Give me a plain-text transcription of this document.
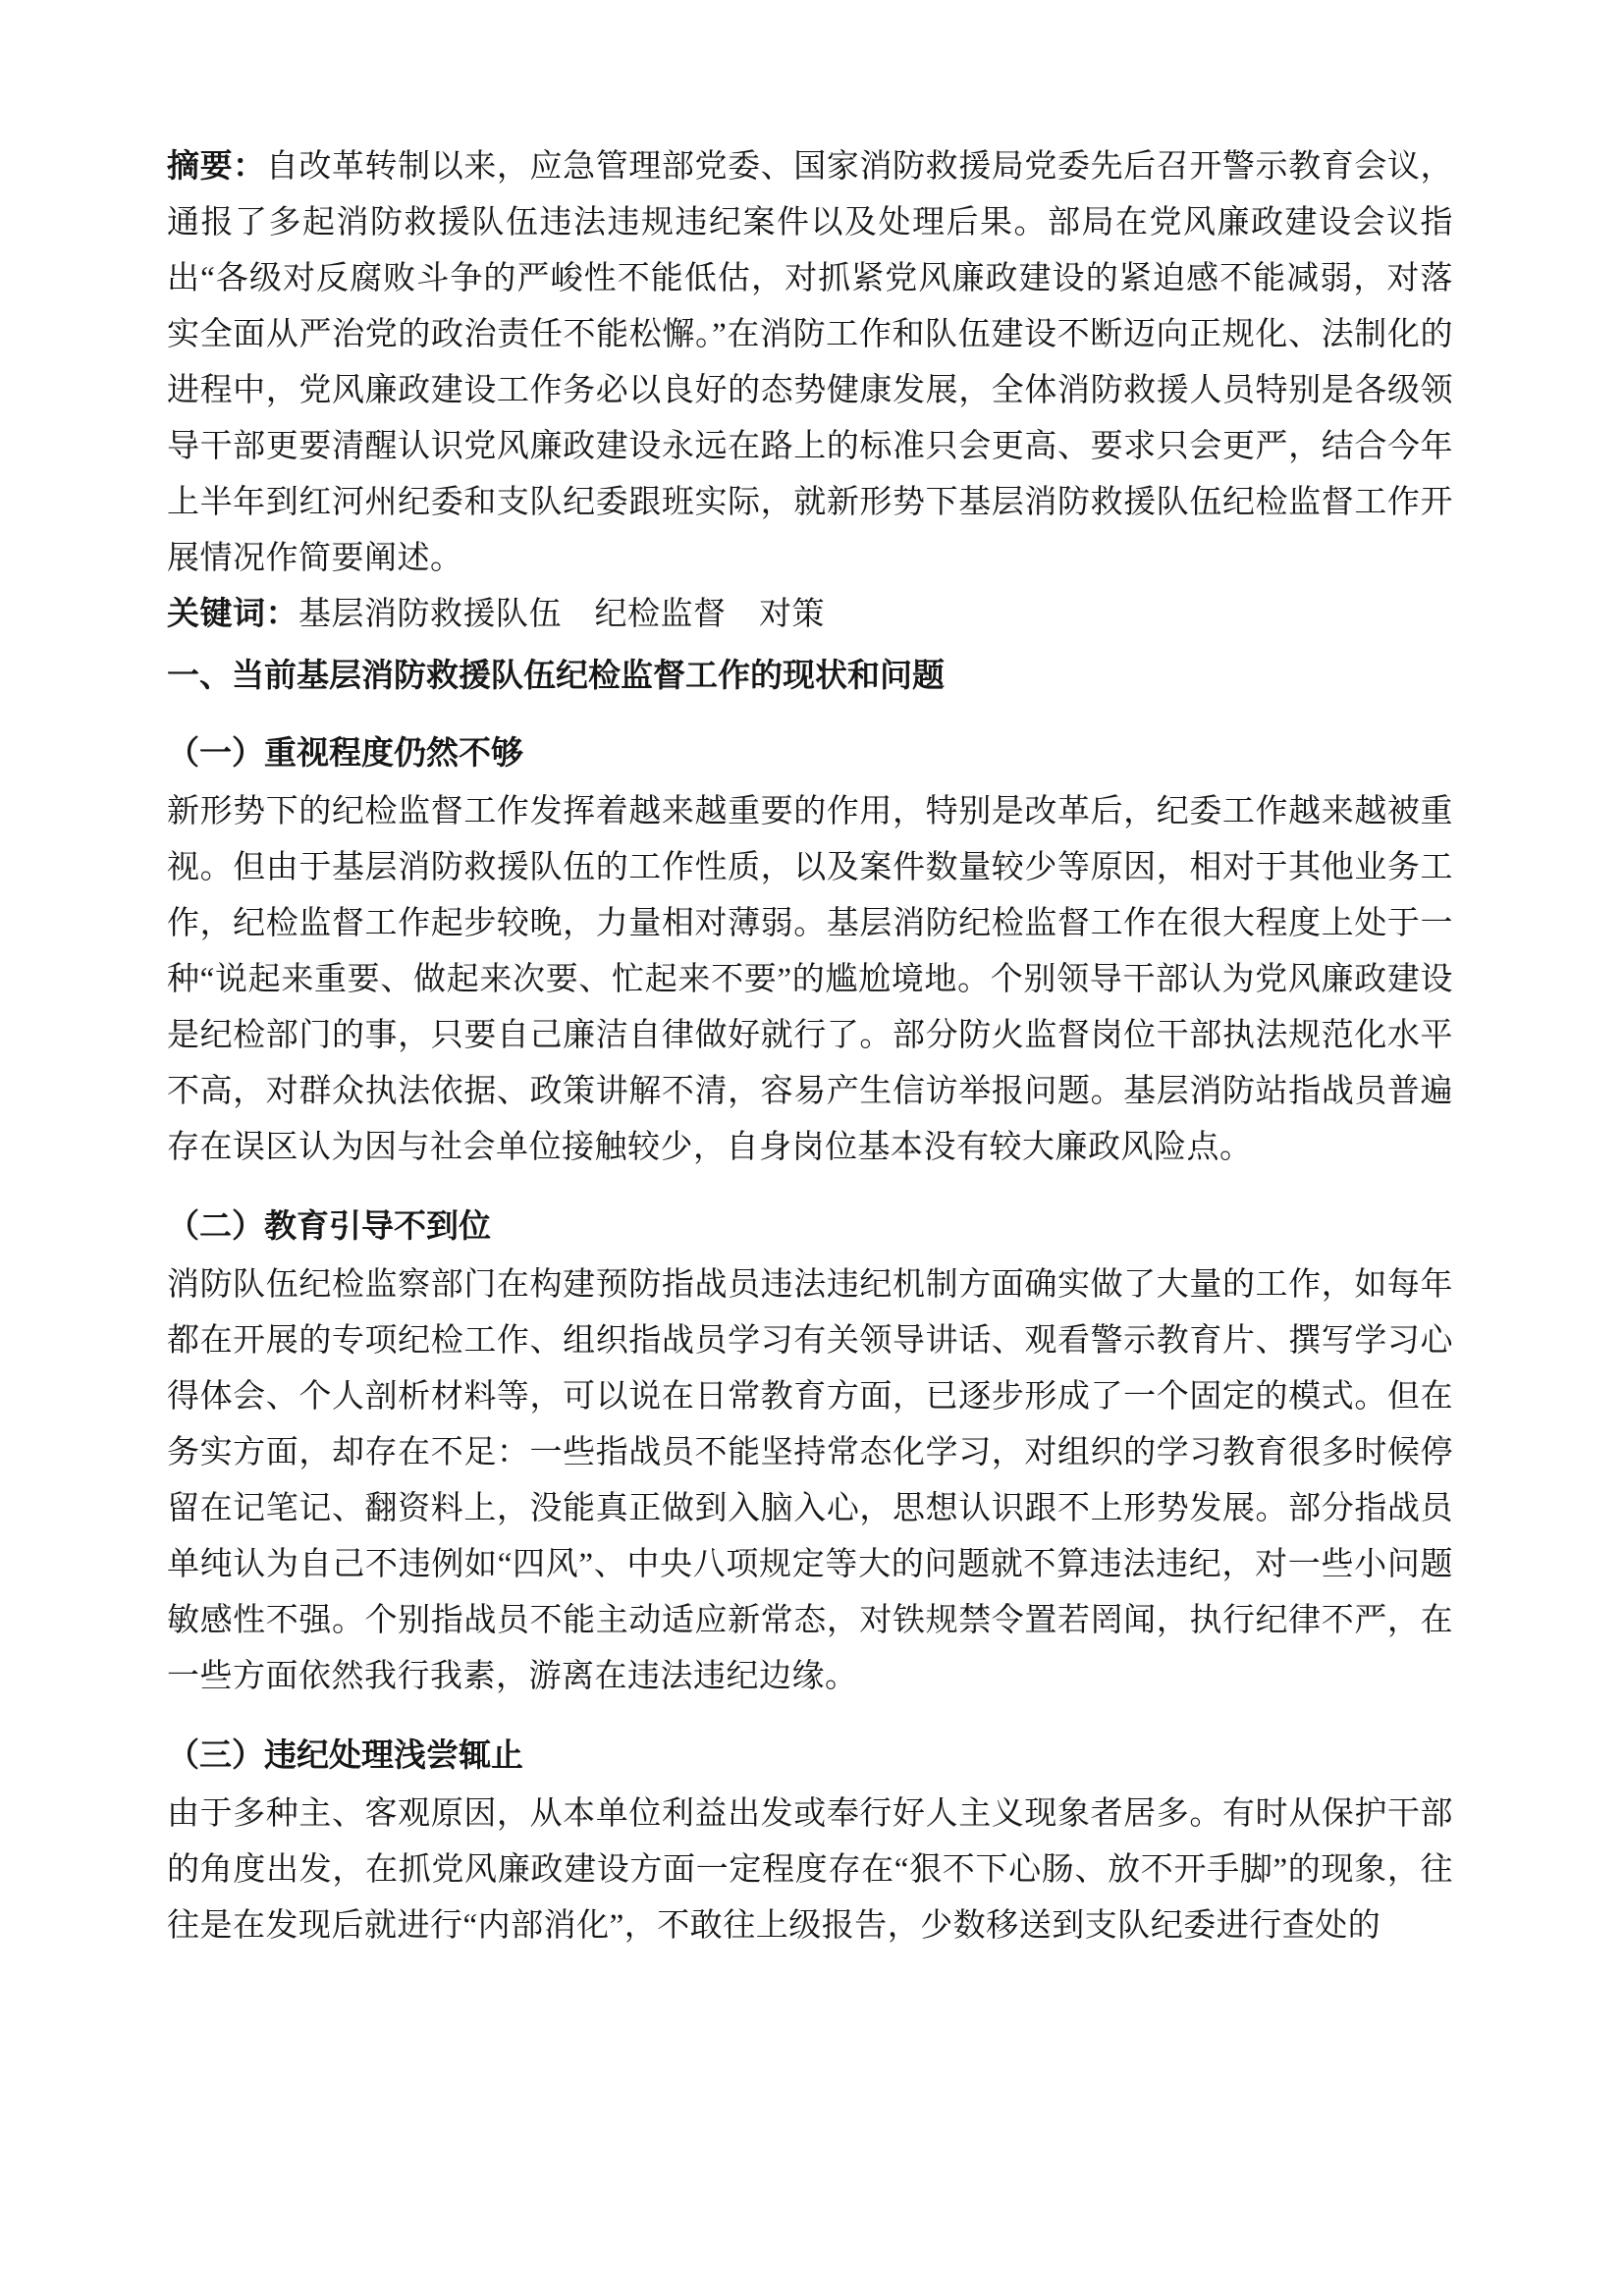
摘要：自改革转制以来，应急管理部党委、国家消防救援局党委先后召开警示教育会议，通报了多起消防救援队伍违法违规违纪案件以及处理后果。部局在党风廉政建设会议指出“各级对反腐败斗争的严峻性不能低估，对抓紧党风廉政建设的紧迫感不能减弱，对落实全面从严治党的政治责任不能松懈。”在消防工作和队伍建设不断迈向正规化、法制化的进程中，党风廉政建设工作务必以良好的态势健康发展，全体消防救援人员特别是各级领导干部更要清醒认识党风廉政建设永远在路上的标准只会更高、要求只会更严，结合今年上半年到红河州纪委和支队纪委跟班实际，就新形势下基层消防救援队伍纪检监督工作开展情况作简要阐述。

关键词：基层消防救援队伍　纪检监督　对策

一、当前基层消防救援队伍纪检监督工作的现状和问题
（一）重视程度仍然不够

新形势下的纪检监督工作发挥着越来越重要的作用，特别是改革后，纪委工作越来越被重视。但由于基层消防救援队伍的工作性质，以及案件数量较少等原因，相对于其他业务工作，纪检监督工作起步较晚，力量相对薄弱。基层消防纪检监督工作在很大程度上处于一种“说起来重要、做起来次要、忙起来不要”的尴尬境地。个别领导干部认为党风廉政建设是纪检部门的事，只要自己廉洁自律做好就行了。部分防火监督岗位干部执法规范化水平不高，对群众执法依据、政策讲解不清，容易产生信访举报问题。基层消防站指战员普遍存在误区认为因与社会单位接触较少，自身岗位基本没有较大廉政风险点。

（二）教育引导不到位

消防队伍纪检监察部门在构建预防指战员违法违纪机制方面确实做了大量的工作，如每年都在开展的专项纪检工作、组织指战员学习有关领导讲话、观看警示教育片、撰写学习心得体会、个人剖析材料等，可以说在日常教育方面，已逐步形成了一个固定的模式。但在务实方面，却存在不足：一些指战员不能坚持常态化学习，对组织的学习教育很多时候停留在记笔记、翻资料上，没能真正做到入脑入心，思想认识跟不上形势发展。部分指战员单纯认为自己不违例如“四风”、中央八项规定等大的问题就不算违法违纪，对一些小问题敏感性不强。个别指战员不能主动适应新常态，对铁规禁令置若罔闻，执行纪律不严，在一些方面依然我行我素，游离在违法违纪边缘。

（三）违纪处理浅尝辄止

由于多种主、客观原因，从本单位利益出发或奉行好人主义现象者居多。有时从保护干部的角度出发，在抓党风廉政建设方面一定程度存在“狠不下心肠、放不开手脚”的现象，往往是在发现后就进行“内部消化”，不敢往上级报告，少数移送到支队纪委进行查处的
